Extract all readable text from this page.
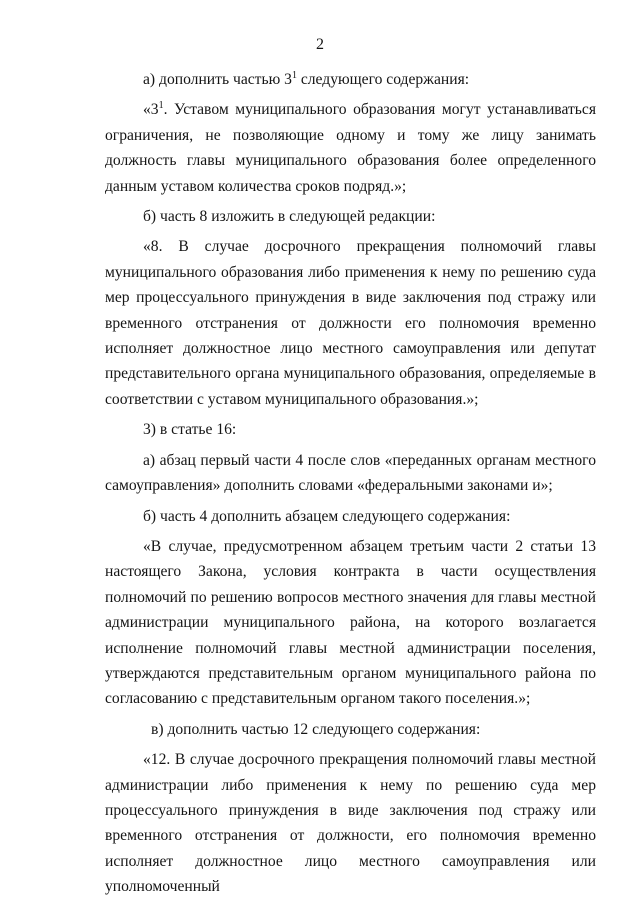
2

а) дополнить частью $3^1$ следующего содержания:

«$3^1$. Уставом муниципального образования могут устанавливаться ограничения, не позволяющие одному и тому же лицу занимать должность главы муниципального образования более определенного данным уставом количества сроков подряд.»;

б) часть 8 изложить в следующей редакции:

«8. В случае досрочного прекращения полномочий главы муниципального образования либо применения к нему по решению суда мер процессуального принуждения в виде заключения под стражу или временного отстранения от должности его полномочия временно исполняет должностное лицо местного самоуправления или депутат представительного органа муниципального образования, определяемые в соответствии с уставом муниципального образования.»;

3) в статье 16:

а) абзац первый части 4 после слов «переданных органам местного самоуправления» дополнить словами «федеральными законами и»;

б) часть 4 дополнить абзацем следующего содержания:

«В случае, предусмотренном абзацем третьим части 2 статьи 13 настоящего Закона, условия контракта в части осуществления полномочий по решению вопросов местного значения для главы местной администрации муниципального района, на которого возлагается исполнение полномочий главы местной администрации поселения, утверждаются представительным органом муниципального района по согласованию с представительным органом такого поселения.»;

в) дополнить частью 12 следующего содержания:

«12. В случае досрочного прекращения полномочий главы местной администрации либо применения к нему по решению суда мер процессуального принуждения в виде заключения под стражу или временного отстранения от должности, его полномочия временно исполняет должностное лицо местного самоуправления или уполномоченный
